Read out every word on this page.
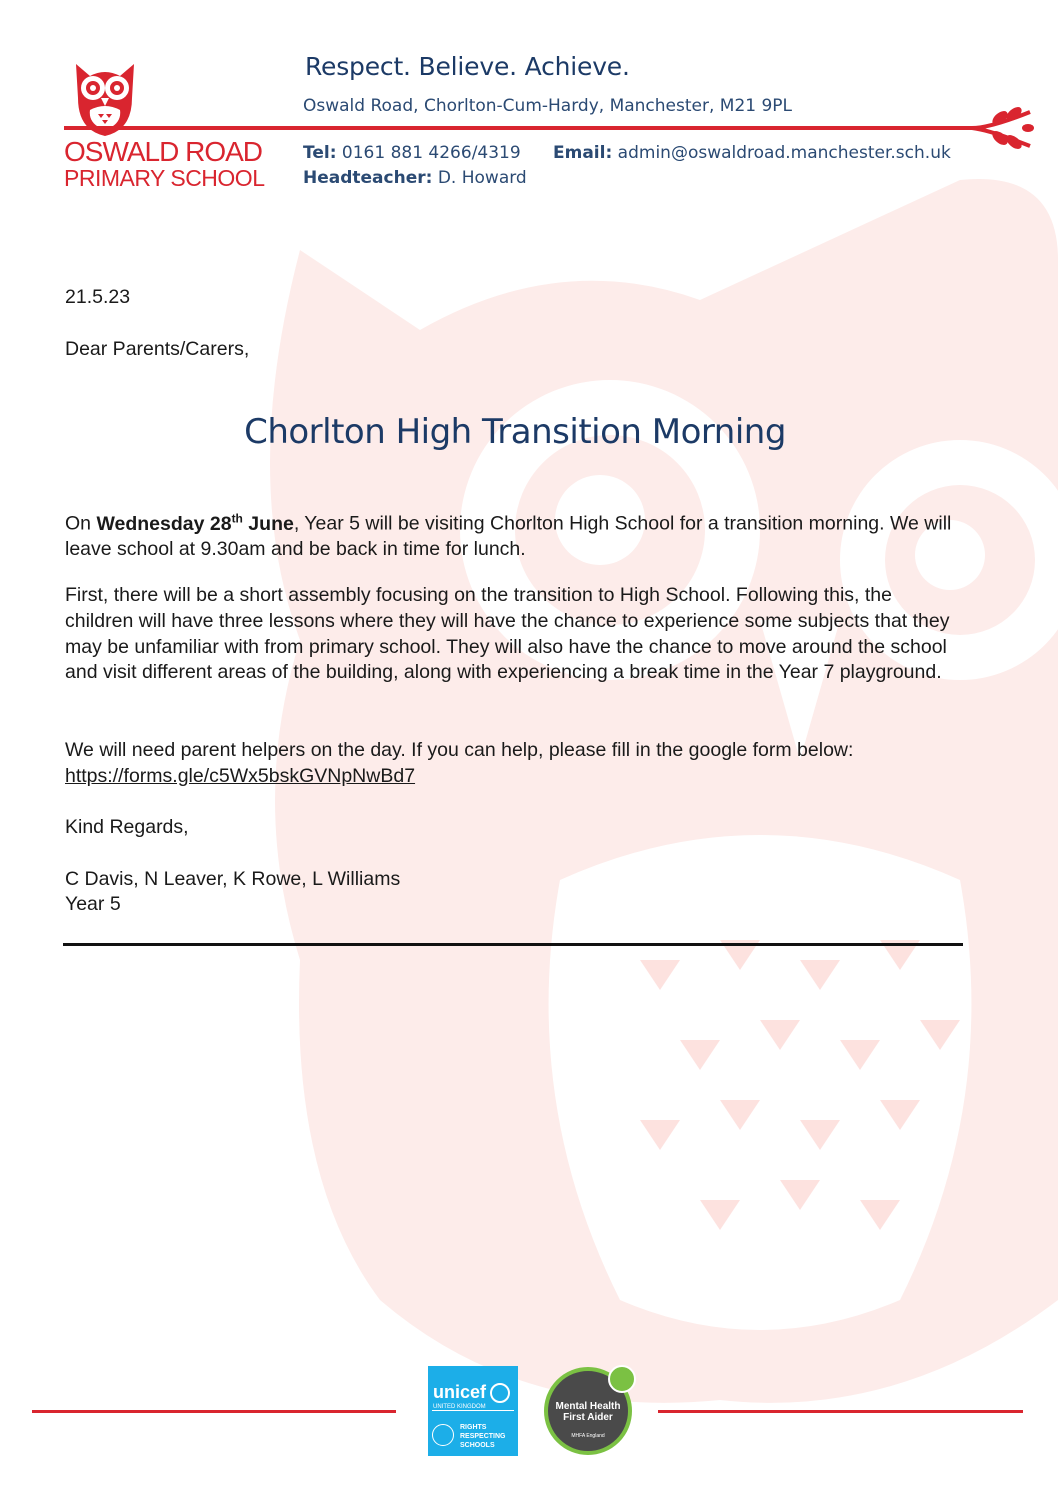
OSWALD ROAD
PRIMARY SCHOOL
Respect. Believe. Achieve.
Oswald Road, Chorlton-Cum-Hardy, Manchester, M21 9PL
Tel: 0161 881 4266/4319 Email: admin@oswaldroad.manchester.sch.uk
Headteacher: D. Howard
21.5.23
Dear Parents/Carers,
Chorlton High Transition Morning
On Wednesday 28th June, Year 5 will be visiting Chorlton High School for a transition morning. We will leave school at 9.30am and be back in time for lunch.
First, there will be a short assembly focusing on the transition to High School. Following this, the children will have three lessons where they will have the chance to experience some subjects that they may be unfamiliar with from primary school. They will also have the chance to move around the school and visit different areas of the building, along with experiencing a break time in the Year 7 playground.
We will need parent helpers on the day. If you can help, please fill in the google form below:
https://forms.gle/c5Wx5bskGVNpNwBd7
Kind Regards,
C Davis, N Leaver, K Rowe, L Williams
Year 5
unicef
UNITED KINGDOM
RIGHTS
RESPECTING
SCHOOLS
Mental Health
First Aider
MHFA England
